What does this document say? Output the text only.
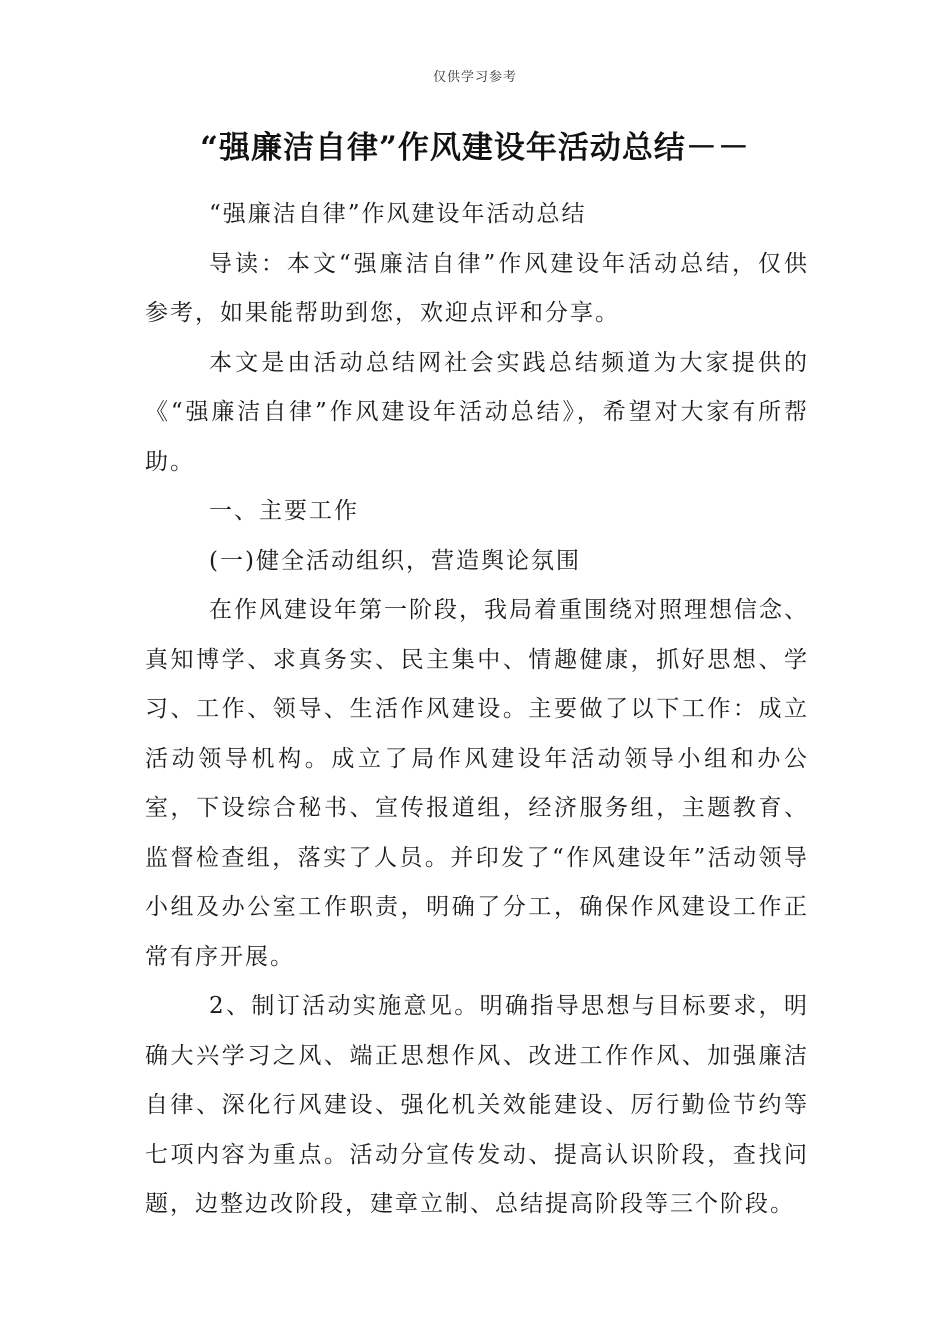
仅供学习参考
“强廉洁自律”作风建设年活动总结－－

“强廉洁自律”作风建设年活动总结

导读：本文“强廉洁自律”作风建设年活动总结，仅供参考，如果能帮助到您，欢迎点评和分享。

本文是由活动总结网社会实践总结频道为大家提供的《“强廉洁自律”作风建设年活动总结》，希望对大家有所帮助。

一、主要工作

(一)健全活动组织，营造舆论氛围

在作风建设年第一阶段，我局着重围绕对照理想信念、真知博学、求真务实、民主集中、情趣健康，抓好思想、学习、工作、领导、生活作风建设。主要做了以下工作：成立活动领导机构。成立了局作风建设年活动领导小组和办公室，下设综合秘书、宣传报道组，经济服务组，主题教育、监督检查组，落实了人员。并印发了“作风建设年”活动领导小组及办公室工作职责，明确了分工，确保作风建设工作正常有序开展。

2、制订活动实施意见。明确指导思想与目标要求，明确大兴学习之风、端正思想作风、改进工作作风、加强廉洁自律、深化行风建设、强化机关效能建设、厉行勤俭节约等七项内容为重点。活动分宣传发动、提高认识阶段，查找问题，边整边改阶段，建章立制、总结提高阶段等三个阶段。
